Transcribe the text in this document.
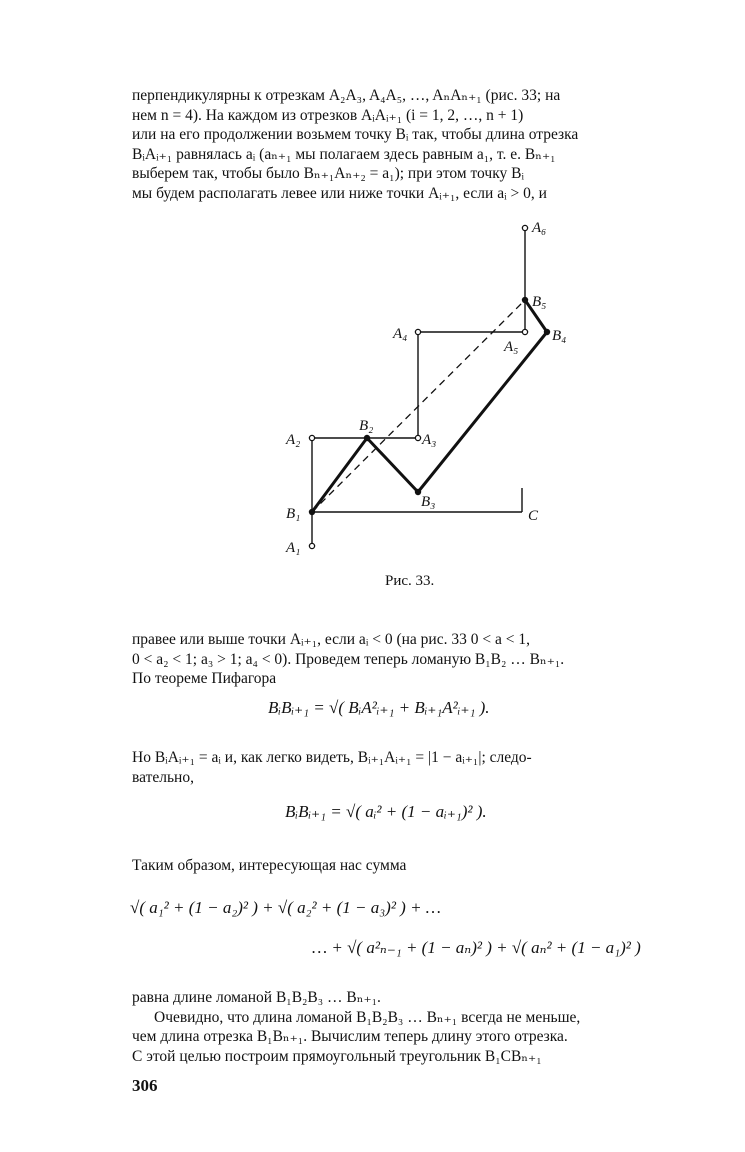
перпендикулярны к отрезкам A₂A₃, A₄A₅, …, AₙAₙ₊₁ (рис. 33; на
нем n = 4). На каждом из отрезков AᵢAᵢ₊₁ (i = 1, 2, …, n + 1)
или на его продолжении возьмем точку Bᵢ так, чтобы длина отрезка
BᵢAᵢ₊₁ равнялась aᵢ (aₙ₊₁ мы полагаем здесь равным a₁, т. е. Bₙ₊₁
выберем так, чтобы было Bₙ₊₁Aₙ₊₂ = a₁); при этом точку Bᵢ
мы будем располагать левее или ниже точки Aᵢ₊₁, если aᵢ > 0, и
A₁
B₁
A₂
B₂
A₃
B₃
A₄
A₅
B₅
B₄
A₆
C
Рис. 33.
правее или выше точки Aᵢ₊₁, если aᵢ < 0 (на рис. 33 0 < a < 1,
0 < a₂ < 1; a₃ > 1; a₄ < 0). Проведем теперь ломаную B₁B₂ … Bₙ₊₁.
По теореме Пифагора
BᵢBᵢ₊₁ = √( BᵢA²ᵢ₊₁ + Bᵢ₊₁A²ᵢ₊₁ ).
Но BᵢAᵢ₊₁ = aᵢ и, как легко видеть, Bᵢ₊₁Aᵢ₊₁ = |1 − aᵢ₊₁|; следо-
вательно,
BᵢBᵢ₊₁ = √( aᵢ² + (1 − aᵢ₊₁)² ).
Таким образом, интересующая нас сумма
√( a₁² + (1 − a₂)² ) + √( a₂² + (1 − a₃)² ) + …
… + √( a²ₙ₋₁ + (1 − aₙ)² ) + √( aₙ² + (1 − a₁)² )
равна длине ломаной B₁B₂B₃ … Bₙ₊₁.
Очевидно, что длина ломаной B₁B₂B₃ … Bₙ₊₁ всегда не меньше,
чем длина отрезка B₁Bₙ₊₁. Вычислим теперь длину этого отрезка.
С этой целью построим прямоугольный треугольник B₁CBₙ₊₁
306
